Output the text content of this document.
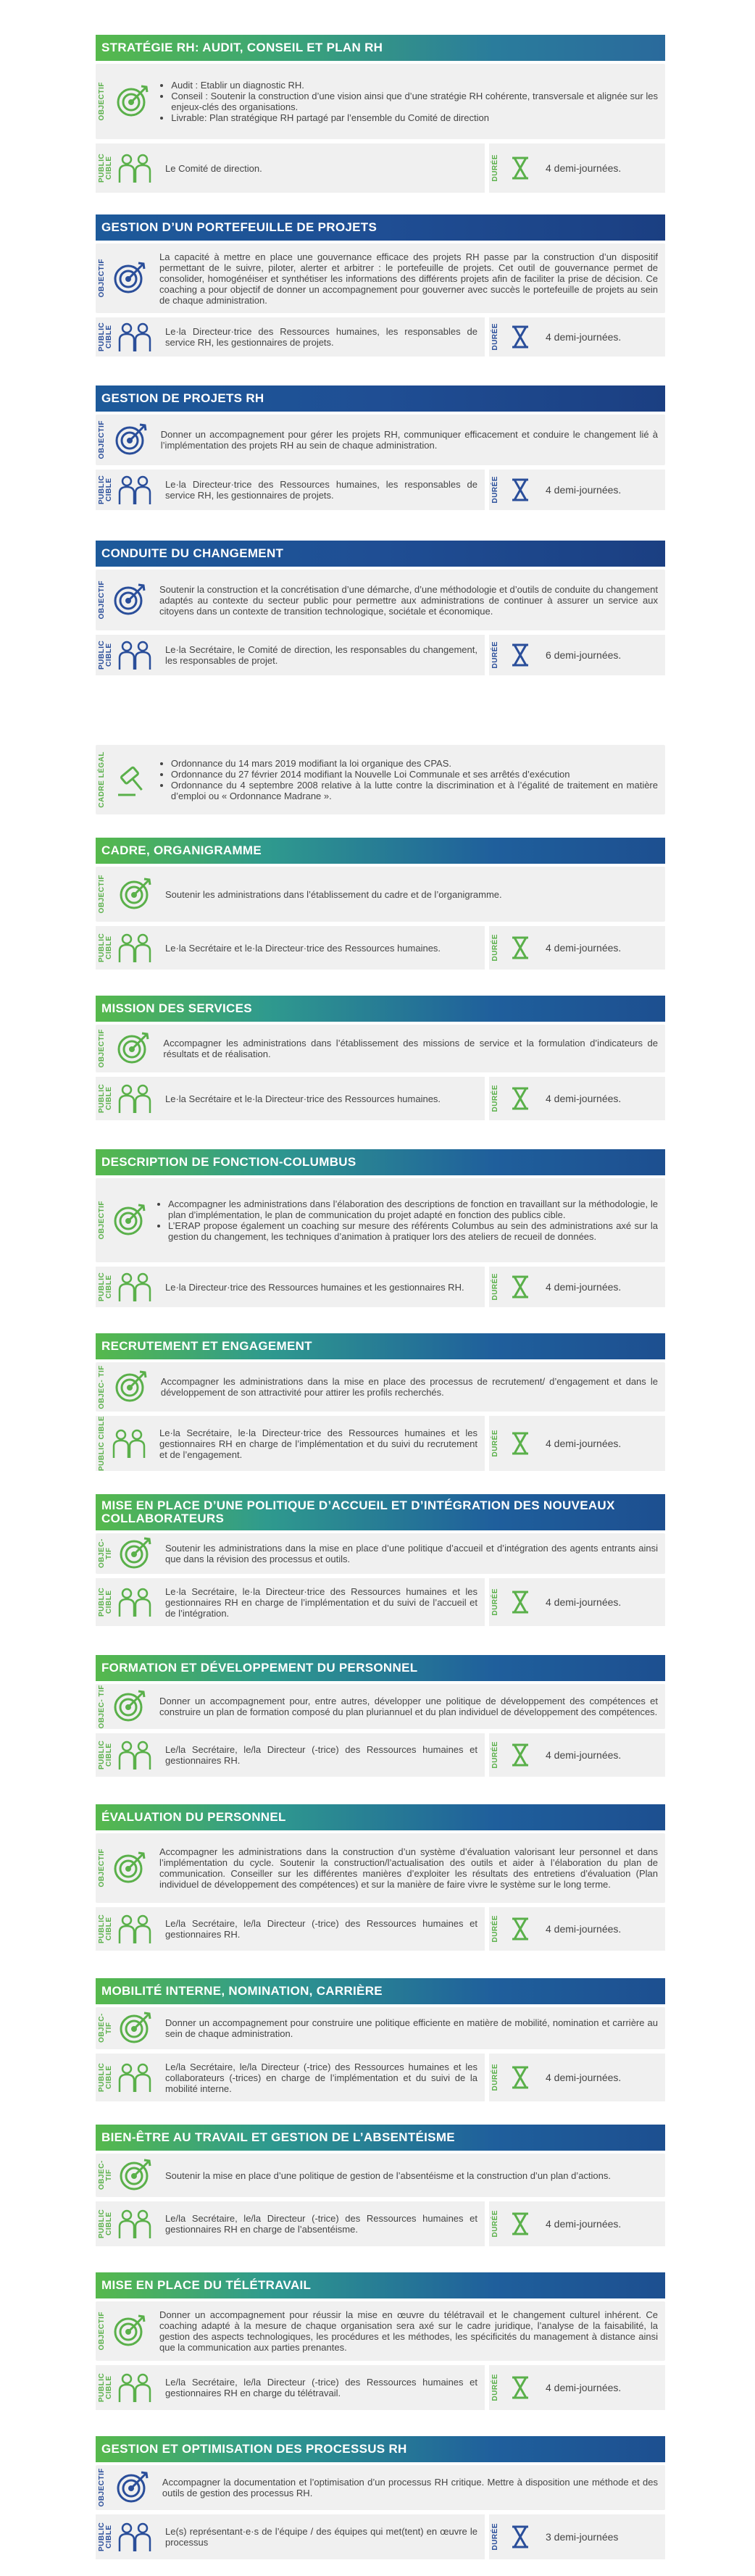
STRATÉGIE RH: AUDIT, CONSEIL ET PLAN RH
OBJECTIF	• Audit : Etablir un diagnostic RH.
• Conseil : Soutenir la construction d’une vision ainsi que d’une stratégie RH cohérente, transversale et alignée sur les enjeux-clés des organisations.
• Livrable: Plan stratégique RH partagé par l’ensemble du Comité de direction
PUBLIC CIBLE	Le Comité de direction.	DURÉE	4 demi-journées.
GESTION D’UN PORTEFEUILLE DE PROJETS
OBJECTIF
La capacité à mettre en place une gouvernance efficace des projets RH passe par la construction d’un dispositif permettant de le suivre, piloter, alerter et arbitrer : le portefeuille de projets. Cet outil de gouvernance permet de consolider, homogénéiser et synthétiser les informations des différents projets afin de faciliter la prise de décision. Ce coaching a pour objectif de donner un accompagnement pour gouverner avec succès le portefeuille de projets au sein de chaque administration.
PUBLIC CIBLE	Le·la Directeur·trice des Ressources humaines, les responsables de service RH, les gestionnaires de projets.	DURÉE	4 demi-journées.
GESTION DE PROJETS RH
OBJECTIF	Donner un accompagnement pour gérer les projets RH, communiquer efficacement et conduire le changement lié à l’implémentation des projets RH au sein de chaque administration.
PUBLIC CIBLE	Le·la Directeur·trice des Ressources humaines, les responsables de service RH, les gestionnaires de projets.	DURÉE	4 demi-journées.
CONDUITE DU CHANGEMENT
OBJECTIF	Soutenir la construction et la concrétisation d’une démarche, d’une méthodologie et d’outils de conduite du changement adaptés au contexte du secteur public pour permettre aux administrations de continuer à assurer un service aux citoyens dans un contexte de transition technologique, sociétale et économique.
PUBLIC CIBLE	Le·la Secrétaire, le Comité de direction, les responsables du changement, les responsables de projet.	DURÉE	6 demi-journées.
CADRE LÉGAL	• Ordonnance du 14 mars 2019 modifiant la loi organique des CPAS.
• Ordonnance du 27 février 2014 modifiant la Nouvelle Loi Communale et ses arrêtés d’exécution
• Ordonnance du 4 septembre 2008 relative à la lutte contre la discrimination et à l’égalité de traitement en matière d’emploi ou « Ordonnance Madrane ».
CADRE, ORGANIGRAMME
OBJECTIF	Soutenir les administrations dans l’établissement du cadre et de l’organigramme.
PUBLIC CIBLE	Le·la Secrétaire et le·la Directeur·trice des Ressources humaines.	DURÉE	4 demi-journées.
MISSION DES SERVICES
OBJECTIF	Accompagner les administrations dans l’établissement des missions de service et la formulation d’indicateurs de résultats et de réalisation.
PUBLIC CIBLE	Le·la Secrétaire et le·la Directeur·trice des Ressources humaines.	DURÉE	4 demi-journées.
DESCRIPTION DE FONCTION-COLUMBUS
OBJECTIF	• Accompagner les administrations dans l’élaboration des descriptions de fonction en travaillant sur la méthodologie, le plan d’implémentation, le plan de communication du projet adapté en fonction des publics cible.
• L’ERAP propose également un coaching sur mesure des référents Columbus au sein des administrations axé sur la gestion du changement, les techniques d’animation à pratiquer lors des ateliers de recueil de données.
PUBLIC CIBLE	Le·la Directeur·trice des Ressources humaines et les gestionnaires RH.	DURÉE	4 demi-journées.
RECRUTEMENT ET ENGAGEMENT
OBJEC- TIF	Accompagner les administrations dans la mise en place des processus de recrutement/ d’engagement et dans le développement de son attractivité pour attirer les profils recherchés.
PUBLIC CIBLE	Le·la Secrétaire, le·la Directeur·trice des Ressources humaines et les gestionnaires RH en charge de l’implémentation et du suivi du recrutement et de l’engagement.	DURÉE	4 demi-journées.
MISE EN PLACE D’UNE POLITIQUE D’ACCUEIL ET D’INTÉGRATION DES NOUVEAUX COLLABORATEURS
OBJEC- TIF	Soutenir les administrations dans la mise en place d’une politique d’accueil et d’intégration des agents entrants ainsi que dans la révision des processus et outils.
PUBLIC CIBLE	Le·la Secrétaire, le·la Directeur·trice des Ressources humaines et les gestionnaires RH en charge de l’implémentation et du suivi de l’accueil et de l’intégration.	DURÉE	4 demi-journées.
FORMATION ET DÉVELOPPEMENT DU PERSONNEL
OBJEC- TIF	Donner un accompagnement pour, entre autres, développer une politique de développement des compétences et construire un plan de formation composé du plan pluriannuel et du plan individuel de développement des compétences.
PUBLIC CIBLE	Le/la Secrétaire, le/la Directeur (-trice) des Ressources humaines et gestionnaires RH.	DURÉE	4 demi-journées.
ÉVALUATION DU PERSONNEL
OBJECTIF	Accompagner les administrations dans la construction d’un système d’évaluation valorisant leur personnel et dans l’implémentation du cycle. Soutenir la construction/l’actualisation des outils et aider à l’élaboration du plan de communication. Conseiller sur les différentes manières d’exploiter les résultats des entretiens d’évaluation (Plan individuel de développement des compétences) et sur la manière de faire vivre le système sur le long terme.
PUBLIC CIBLE	Le/la Secrétaire, le/la Directeur (-trice) des Ressources humaines et gestionnaires RH.	DURÉE	4 demi-journées.
MOBILITÉ INTERNE, NOMINATION, CARRIÈRE
OBJEC- TIF	Donner un accompagnement pour construire une politique efficiente en matière de mobilité, nomination et carrière au sein de chaque administration.
PUBLIC CIBLE	Le/la Secrétaire, le/la Directeur (-trice) des Ressources humaines et les collaborateurs (-trices) en charge de l’implémentation et du suivi de la mobilité interne.	DURÉE	4 demi-journées.
BIEN-ÊTRE AU TRAVAIL ET GESTION DE L’ABSENTÉISME
OBJEC- TIF	Soutenir la mise en place d’une politique de gestion de l’absentéisme et la construction d’un plan d’actions.
PUBLIC CIBLE	Le/la Secrétaire, le/la Directeur (-trice) des Ressources humaines et gestionnaires RH en charge de l’absentéisme.	DURÉE	4 demi-journées.
MISE EN PLACE DU TÉLÉTRAVAIL
OBJECTIF	Donner un accompagnement pour réussir la mise en œuvre du télétravail et le changement culturel inhérent. Ce coaching adapté à la mesure de chaque organisation sera axé sur le cadre juridique, l’analyse de la faisabilité, la gestion des aspects technologiques, les procédures et les méthodes, les spécificités du management à distance ainsi que la communication aux parties prenantes.
PUBLIC CIBLE	Le/la Secrétaire, le/la Directeur (-trice) des Ressources humaines et gestionnaires RH en charge du télétravail.	DURÉE	4 demi-journées.
GESTION ET OPTIMISATION DES PROCESSUS RH
OBJECTIF	Accompagner la documentation et l’optimisation d’un processus RH critique. Mettre à disposition une méthode et des outils de gestion des processus RH.
PUBLIC CIBLE	Le(s) représentant·e·s de l’équipe / des équipes qui met(tent) en œuvre le processus	DURÉE	3 demi-journées
